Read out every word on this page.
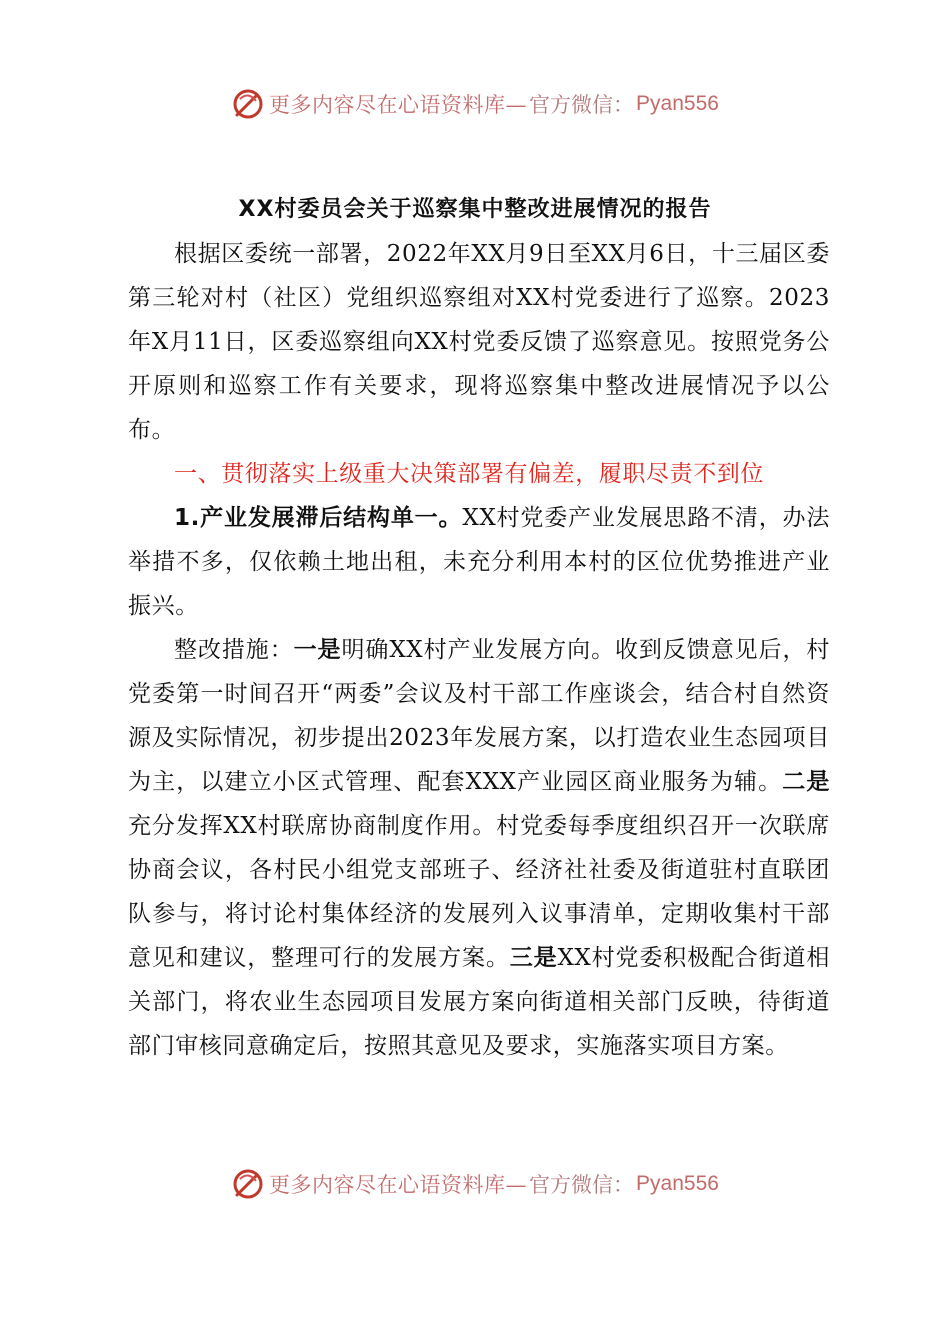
更多内容尽在心语资料库— 官方微信： Pyan556
XX村委员会关于巡察集中整改进展情况的报告

根据区委统一部署，2022年XX月9日至XX月6日，十三届区委第三轮对村（社区）党组织巡察组对XX村党委进行了巡察。2023年X月11日，区委巡察组向XX村党委反馈了巡察意见。按照党务公开原则和巡察工作有关要求，现将巡察集中整改进展情况予以公布。

一、贯彻落实上级重大决策部署有偏差，履职尽责不到位

1.产业发展滞后结构单一。XX村党委产业发展思路不清，办法举措不多，仅依赖土地出租，未充分利用本村的区位优势推进产业振兴。

整改措施：一是明确XX村产业发展方向。收到反馈意见后，村党委第一时间召开“两委”会议及村干部工作座谈会，结合村自然资源及实际情况，初步提出2023年发展方案，以打造农业生态园项目为主，以建立小区式管理、配套XXX产业园区商业服务为辅。二是充分发挥XX村联席协商制度作用。村党委每季度组织召开一次联席协商会议，各村民小组党支部班子、经济社社委及街道驻村直联团队参与，将讨论村集体经济的发展列入议事清单，定期收集村干部意见和建议，整理可行的发展方案。三是XX村党委积极配合街道相关部门，将农业生态园项目发展方案向街道相关部门反映，待街道部门审核同意确定后，按照其意见及要求，实施落实项目方案。

更多内容尽在心语资料库— 官方微信： Pyan556
